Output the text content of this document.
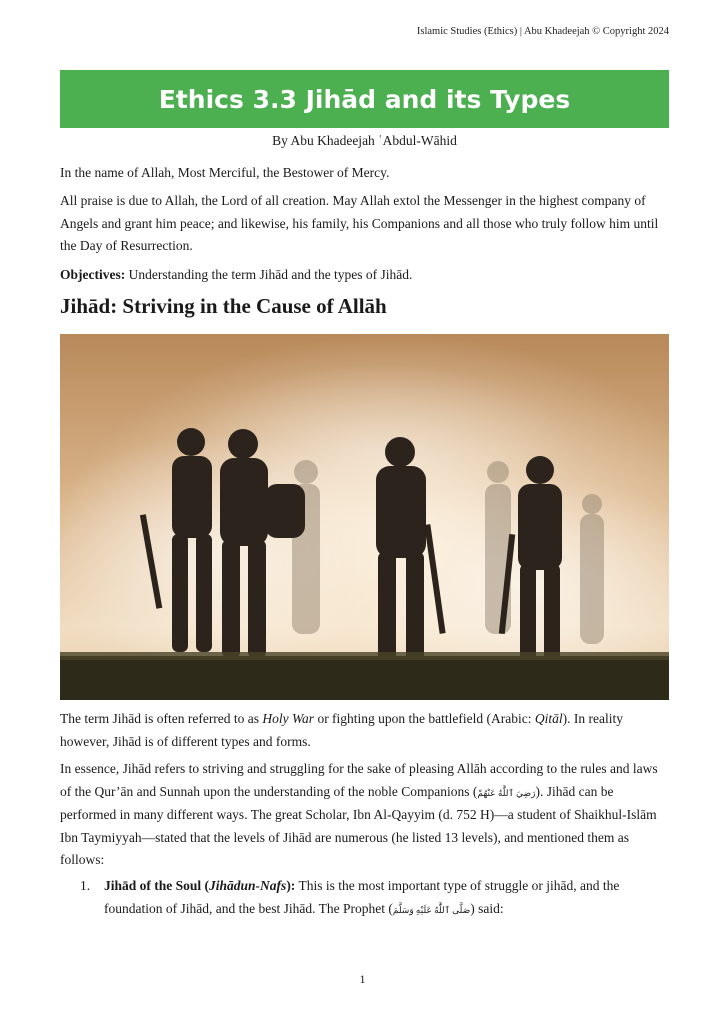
Islamic Studies (Ethics) | Abu Khadeejah © Copyright 2024
Ethics 3.3 Jihād and its Types
By Abu Khadeejah ʿAbdul-Wāhid

In the name of Allah, Most Merciful, the Bestower of Mercy.

All praise is due to Allah, the Lord of all creation. May Allah extol the Messenger in the highest company of Angels and grant him peace; and likewise, his family, his Companions and all those who truly follow him until the Day of Resurrection.

Objectives: Understanding the term Jihād and the types of Jihād.

Jihād: Striving in the Cause of Allāh

The term Jihād is often referred to as Holy War or fighting upon the battlefield (Arabic: Qitāl). In reality however, Jihād is of different types and forms.

In essence, Jihād refers to striving and struggling for the sake of pleasing Allāh according to the rules and laws of the Qur’ān and Sunnah upon the understanding of the noble Companions (رَضِيَ ٱللَّٰهُ عَنْهُمْ). Jihād can be performed in many different ways. The great Scholar, Ibn Al-Qayyim (d. 752 H)—a student of Shaikhul-Islām Ibn Taymiyyah—stated that the levels of Jihād are numerous (he listed 13 levels), and mentioned them as follows:

1. Jihād of the Soul (Jihādun-Nafs): This is the most important type of struggle or jihād, and the foundation of Jihād, and the best Jihād. The Prophet (صَلَّى ٱللَّٰهُ عَلَيْهِ وَسَلَّمَ) said:
1
